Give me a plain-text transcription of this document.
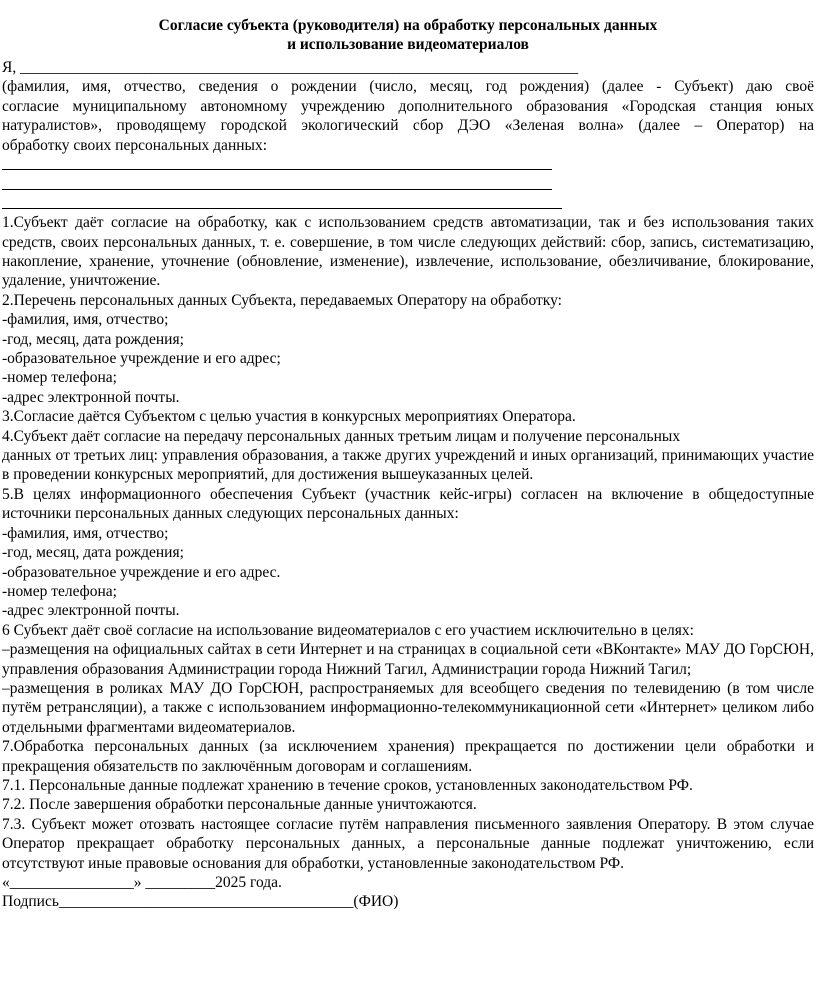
Согласие субъекта (руководителя) на обработку персональных данных

и использование видеоматериалов

Я, ________________________________________________________________________

(фамилия, имя, отчество, сведения о рождении (число, месяц, год рождения) (далее - Субъект) даю своё

согласие муниципальному автономному учреждению дополнительного образования «Городская станция юных

натуралистов», проводящему городской экологический сбор ДЭО «Зеленая волна» (далее – Оператор) на

обработку своих персональных данных:

1.Субъект даёт согласие на обработку, как с использованием средств автоматизации, так и без использования таких средств, своих персональных данных, т. е. совершение, в том числе следующих действий: сбор, запись, систематизацию, накопление, хранение, уточнение (обновление, изменение), извлечение, использование, обезличивание, блокирование, удаление, уничтожение.

2.Перечень персональных данных Субъекта, передаваемых Оператору на обработку:

-фамилия, имя, отчество;

-год, месяц, дата рождения;

-образовательное учреждение и его адрес;

-номер телефона;

-адрес электронной почты.

3.Согласие даётся Субъектом с целью участия в конкурсных мероприятиях Оператора.

4.Субъект даёт согласие на передачу персональных данных третьим лицам и получение персональных

данных от третьих лиц: управления образования, а также других учреждений и иных организаций, принимающих участие в проведении конкурсных мероприятий, для достижения вышеуказанных целей.

5.В целях информационного обеспечения Субъект (участник кейс-игры) согласен на включение в общедоступные источники персональных данных следующих персональных данных:

-фамилия, имя, отчество;

-год, месяц, дата рождения;

-образовательное учреждение и его адрес.

-номер телефона;

-адрес электронной почты.

6 Субъект даёт своё согласие на использование видеоматериалов с его участием исключительно в целях:

–размещения на официальных сайтах в сети Интернет и на страницах в социальной сети «ВКонтакте» МАУ ДО ГорСЮН, управления образования Администрации города Нижний Тагил, Администрации города Нижний Тагил;

–размещения в роликах МАУ ДО ГорСЮН, распространяемых для всеобщего сведения по телевидению (в том числе путём ретрансляции), а также с использованием информационно-телекоммуникационной сети «Интернет» целиком либо отдельными фрагментами видеоматериалов.

7.Обработка персональных данных (за исключением хранения) прекращается по достижении цели обработки и прекращения обязательств по заключённым договорам и соглашениям.

7.1. Персональные данные подлежат хранению в течение сроков, установленных законодательством РФ.

7.2. После завершения обработки персональные данные уничтожаются.

7.3. Субъект может отозвать настоящее согласие путём направления письменного заявления Оператору. В этом случае Оператор прекращает обработку персональных данных, а персональные данные подлежат уничтожению, если отсутствуют иные правовые основания для обработки, установленные законодательством РФ.

«________________» _________2025 года.

Подпись______________________________________(ФИО)
